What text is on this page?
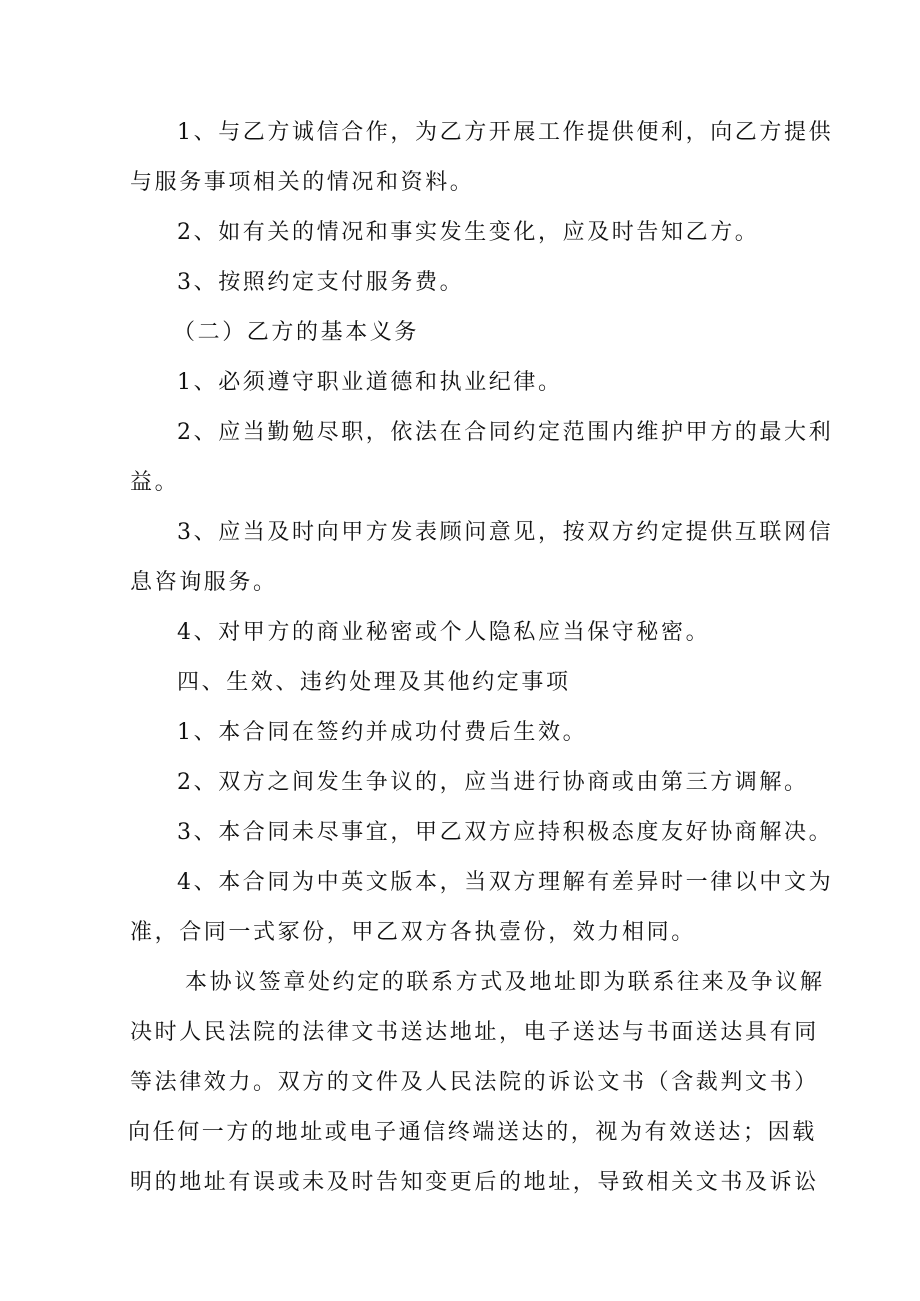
1、与乙方诚信合作，为乙方开展工作提供便利，向乙方提供
与服务事项相关的情况和资料。
2、如有关的情况和事实发生变化，应及时告知乙方。
3、按照约定支付服务费。
（二）乙方的基本义务
1、必须遵守职业道德和执业纪律。
2、应当勤勉尽职，依法在合同约定范围内维护甲方的最大利
益。
3、应当及时向甲方发表顾问意见，按双方约定提供互联网信
息咨询服务。
4、对甲方的商业秘密或个人隐私应当保守秘密。
四、生效、违约处理及其他约定事项
1、本合同在签约并成功付费后生效。
2、双方之间发生争议的，应当进行协商或由第三方调解。
3、本合同未尽事宜，甲乙双方应持积极态度友好协商解决。
4、本合同为中英文版本，当双方理解有差异时一律以中文为
准，合同一式冢份，甲乙双方各执壹份，效力相同。
本协议签章处约定的联系方式及地址即为联系往来及争议解
决时人民法院的法律文书送达地址，电子送达与书面送达具有同
等法律效力。双方的文件及人民法院的诉讼文书（含裁判文书）
向任何一方的地址或电子通信终端送达的，视为有效送达；因载
明的地址有误或未及时告知变更后的地址，导致相关文书及诉讼
